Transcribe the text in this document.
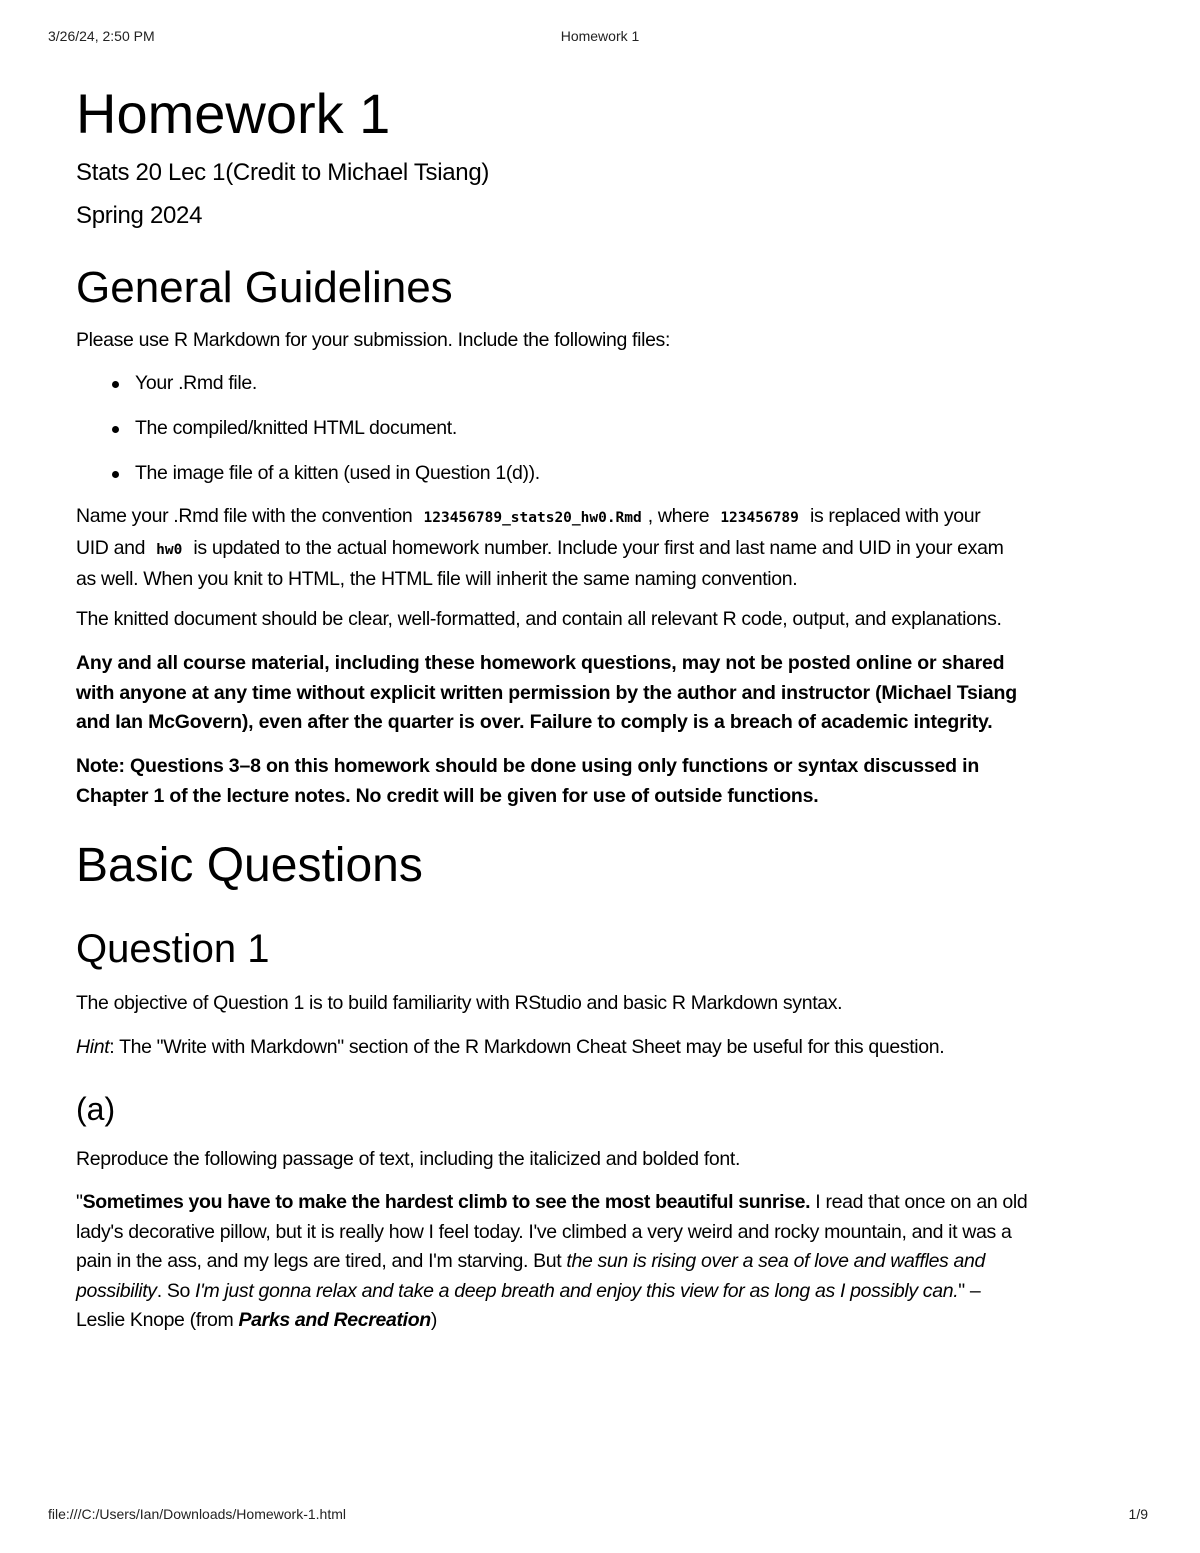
3/26/24, 2:50 PM	Homework 1
Homework 1
Stats 20 Lec 1(Credit to Michael Tsiang)
Spring 2024
General Guidelines

Please use R Markdown for your submission. Include the following files:

Your .Rmd file.
The compiled/knitted HTML document.
The image file of a kitten (used in Question 1(d)).

Name your .Rmd file with the convention 123456789_stats20_hw0.Rmd , where 123456789 is replaced with your
UID and hw0 is updated to the actual homework number. Include your first and last name and UID in your exam
as well. When you knit to HTML, the HTML file will inherit the same naming convention.

The knitted document should be clear, well-formatted, and contain all relevant R code, output, and explanations.

Any and all course material, including these homework questions, may not be posted online or shared
with anyone at any time without explicit written permission by the author and instructor (Michael Tsiang
and Ian McGovern), even after the quarter is over. Failure to comply is a breach of academic integrity.

Note: Questions 3–8 on this homework should be done using only functions or syntax discussed in
Chapter 1 of the lecture notes. No credit will be given for use of outside functions.

Basic Questions
Question 1

The objective of Question 1 is to build familiarity with RStudio and basic R Markdown syntax.

Hint: The "Write with Markdown" section of the R Markdown Cheat Sheet may be useful for this question.

(a)

Reproduce the following passage of text, including the italicized and bolded font.

"Sometimes you have to make the hardest climb to see the most beautiful sunrise. I read that once on an old
lady's decorative pillow, but it is really how I feel today. I've climbed a very weird and rocky mountain, and it was a
pain in the ass, and my legs are tired, and I'm starving. But the sun is rising over a sea of love and waffles and
possibility. So I'm just gonna relax and take a deep breath and enjoy this view for as long as I possibly can." –
Leslie Knope (from Parks and Recreation)

file:///C:/Users/Ian/Downloads/Homework-1.html	1/9
